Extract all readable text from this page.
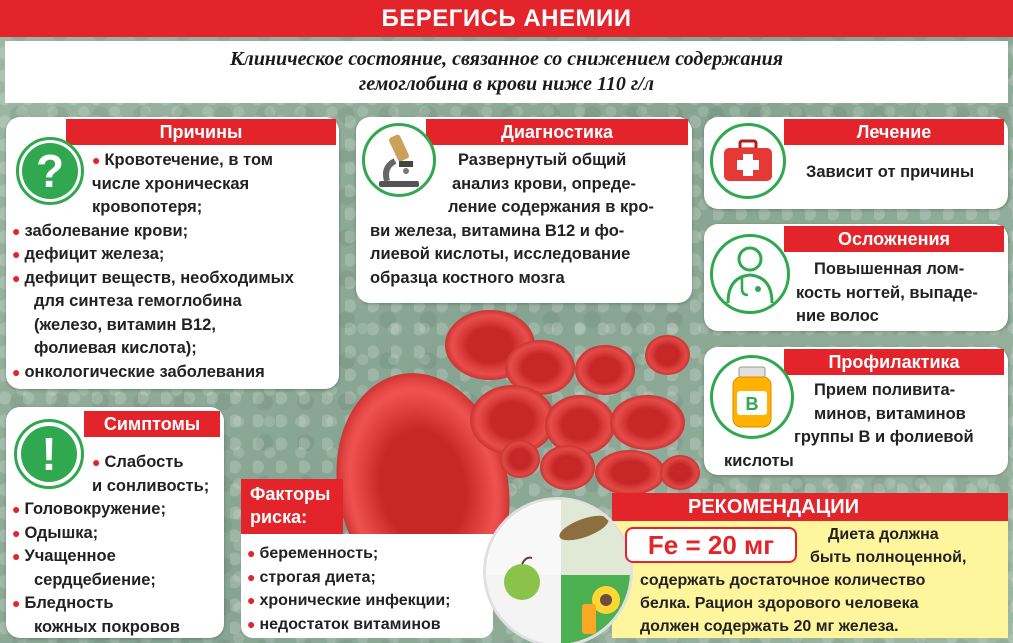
БЕРЕГИСЬ АНЕМИИ
Клиническое состояние, связанное со снижением содержания
гемоглобина в крови ниже 110 г/л
Причины
?	● Кровотечение, в том
числе хроническая
кровопотеря;
● заболевание крови;
● дефицит железа;
● дефицит веществ, необходимых
для синтеза гемоглобина
(железо, витамин В12,
фолиевая кислота);
● онкологические заболевания
Диагностика
Развернутый общий
анализ крови, опреде-
ление содержания в кро-
ви железа, витамина В12 и фо-
лиевой кислоты, исследование
образца костного мозга
Лечение
Зависит от причины
Осложнения
Повышенная лом-
кость ногтей, выпаде-
ние волос
Профилактика
B
Прием поливита-
минов, витаминов
группы В и фолиевой
кислоты
Симптомы
!	● Слабость
и сонливость;
● Головокружение;
● Одышка;
● Учащенное
сердцебиение;
● Бледность
кожных покровов
Факторы
риска:
● беременность;
● строгая диета;
● хронические инфекции;
● недостаток витаминов
РЕКОМЕНДАЦИИ
Fe = 20 мг	Диета должна
быть полноценной,
содержать достаточное количество
белка. Рацион здорового человека
должен содержать 20 мг железа.
